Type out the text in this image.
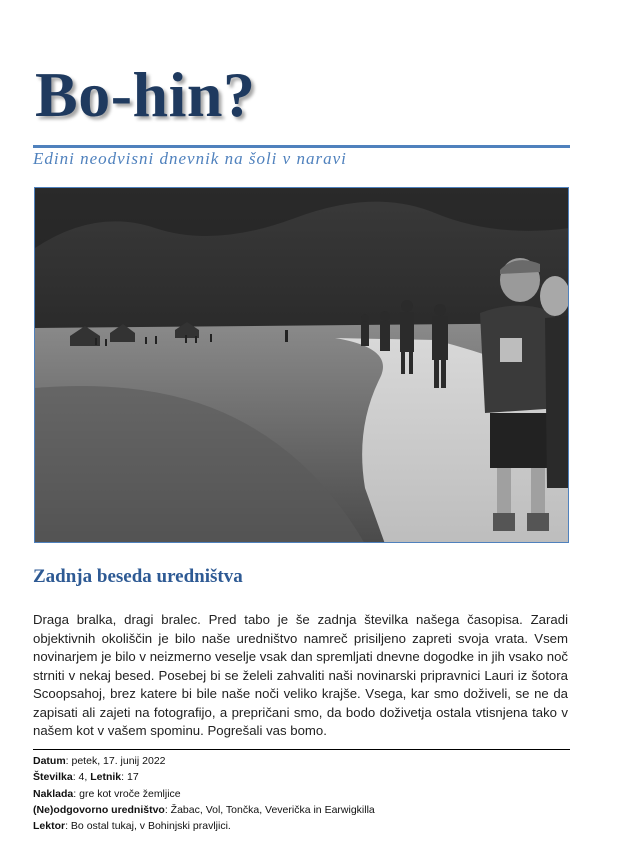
Bo-hin?
Edini neodvisni dnevnik na šoli v naravi
Zadnja beseda uredništva
Draga bralka, dragi bralec. Pred tabo je še zadnja številka našega časopisa. Zaradi objektivnih okoliščin je bilo naše uredništvo namreč prisiljeno zapreti svoja vrata. Vsem novinarjem je bilo v neizmerno veselje vsak dan spremljati dnevne dogodke in jih vsako noč strniti v nekaj besed. Posebej bi se želeli zahvaliti naši novinarski pripravnici Lauri iz šotora Scoopsahoj, brez katere bi bile naše noči veliko krajše. Vsega, kar smo doživeli, se ne da zapisati ali zajeti na fotografijo, a prepričani smo, da bodo doživetja ostala vtisnjena tako v našem kot v vašem spominu. Pogrešali vas bomo.
Datum: petek, 17. junij 2022
Številka: 4, Letnik: 17
Naklada: gre kot vroče žemljice
(Ne)odgovorno uredništvo: Žabac, Vol, Tončka, Veverička in Earwigkilla
Lektor: Bo ostal tukaj, v Bohinjski pravljici.
